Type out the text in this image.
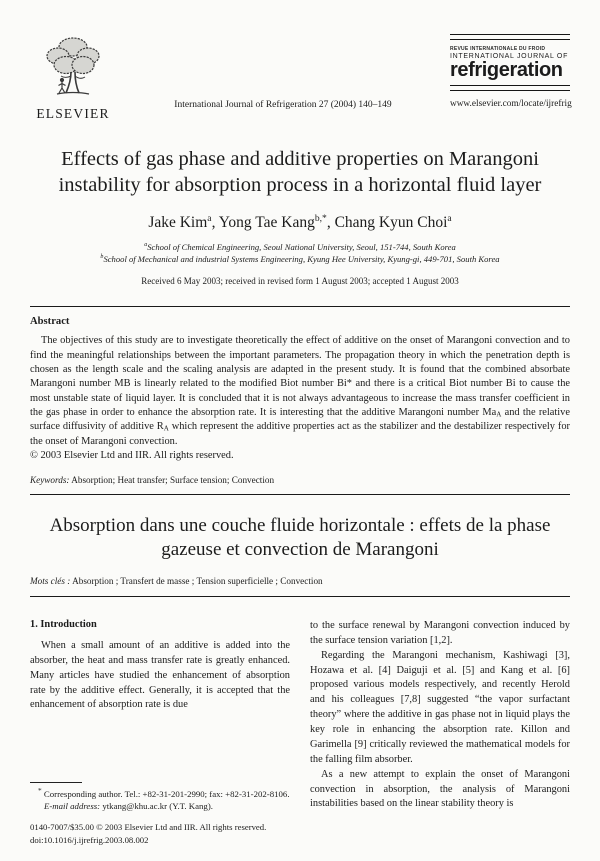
ELSEVIER
International Journal of Refrigeration 27 (2004) 140–149
REVUE INTERNATIONALE DU FROID
INTERNATIONAL JOURNAL OF
refrigeration
www.elsevier.com/locate/ijrefrig
Effects of gas phase and additive properties on Marangoni instability for absorption process in a horizontal fluid layer
Jake Kim$^a$, Yong Tae Kang$^{b,*}$, Chang Kyun Choi$^a$
$^a$School of Chemical Engineering, Seoul National University, Seoul, 151-744, South Korea
$^b$School of Mechanical and industrial Systems Engineering, Kyung Hee University, Kyung-gi, 449-701, South Korea
Received 6 May 2003; received in revised form 1 August 2003; accepted 1 August 2003
Abstract
The objectives of this study are to investigate theoretically the effect of additive on the onset of Marangoni convection and to find the meaningful relationships between the important parameters. The propagation theory in which the penetration depth is chosen as the length scale and the scaling analysis are adapted in the present study. It is found that the combined absorbate Marangoni number MB is linearly related to the modified Biot number Bi* and there is a critical Biot number Bi to cause the most unstable state of liquid layer. It is concluded that it is not always advantageous to increase the mass transfer coefficient in the gas phase in order to enhance the absorption rate. It is interesting that the additive Marangoni number $Ma_A$ and the relative surface diffusivity of additive $R_A$ which represent the additive properties act as the stabilizer and the destabilizer respectively for the onset of Marangoni convection.
© 2003 Elsevier Ltd and IIR. All rights reserved.
Keywords: Absorption; Heat transfer; Surface tension; Convection
Absorption dans une couche fluide horizontale : effets de la phase gazeuse et convection de Marangoni
Mots clés : Absorption ; Transfert de masse ; Tension superficielle ; Convection
1. Introduction

When a small amount of an additive is added into the absorber, the heat and mass transfer rate is greatly enhanced. Many articles have studied the enhancement of absorption rate by the additive effect. Generally, it is accepted that the enhancement of absorption rate is due

* Corresponding author. Tel.: +82-31-201-2990; fax: +82-31-202-8106.
E-mail address: ytkang@khu.ac.kr (Y.T. Kang).

to the surface renewal by Marangoni convection induced by the surface tension variation [1,2].

Regarding the Marangoni mechanism, Kashiwagi [3], Hozawa et al. [4] Daiguji et al. [5] and Kang et al. [6] proposed various models respectively, and recently Herold and his colleagues [7,8] suggested “the vapor surfactant theory” where the additive in gas phase not in liquid plays the key role in enhancing the absorption rate. Killon and Garimella [9] critically reviewed the mathematical models for the falling film absorber.

As a new attempt to explain the onset of Marangoni convection in absorption, the analysis of Marangoni instabilities based on the linear stability theory is

0140-7007/$35.00 © 2003 Elsevier Ltd and IIR. All rights reserved.
doi:10.1016/j.ijrefrig.2003.08.002
